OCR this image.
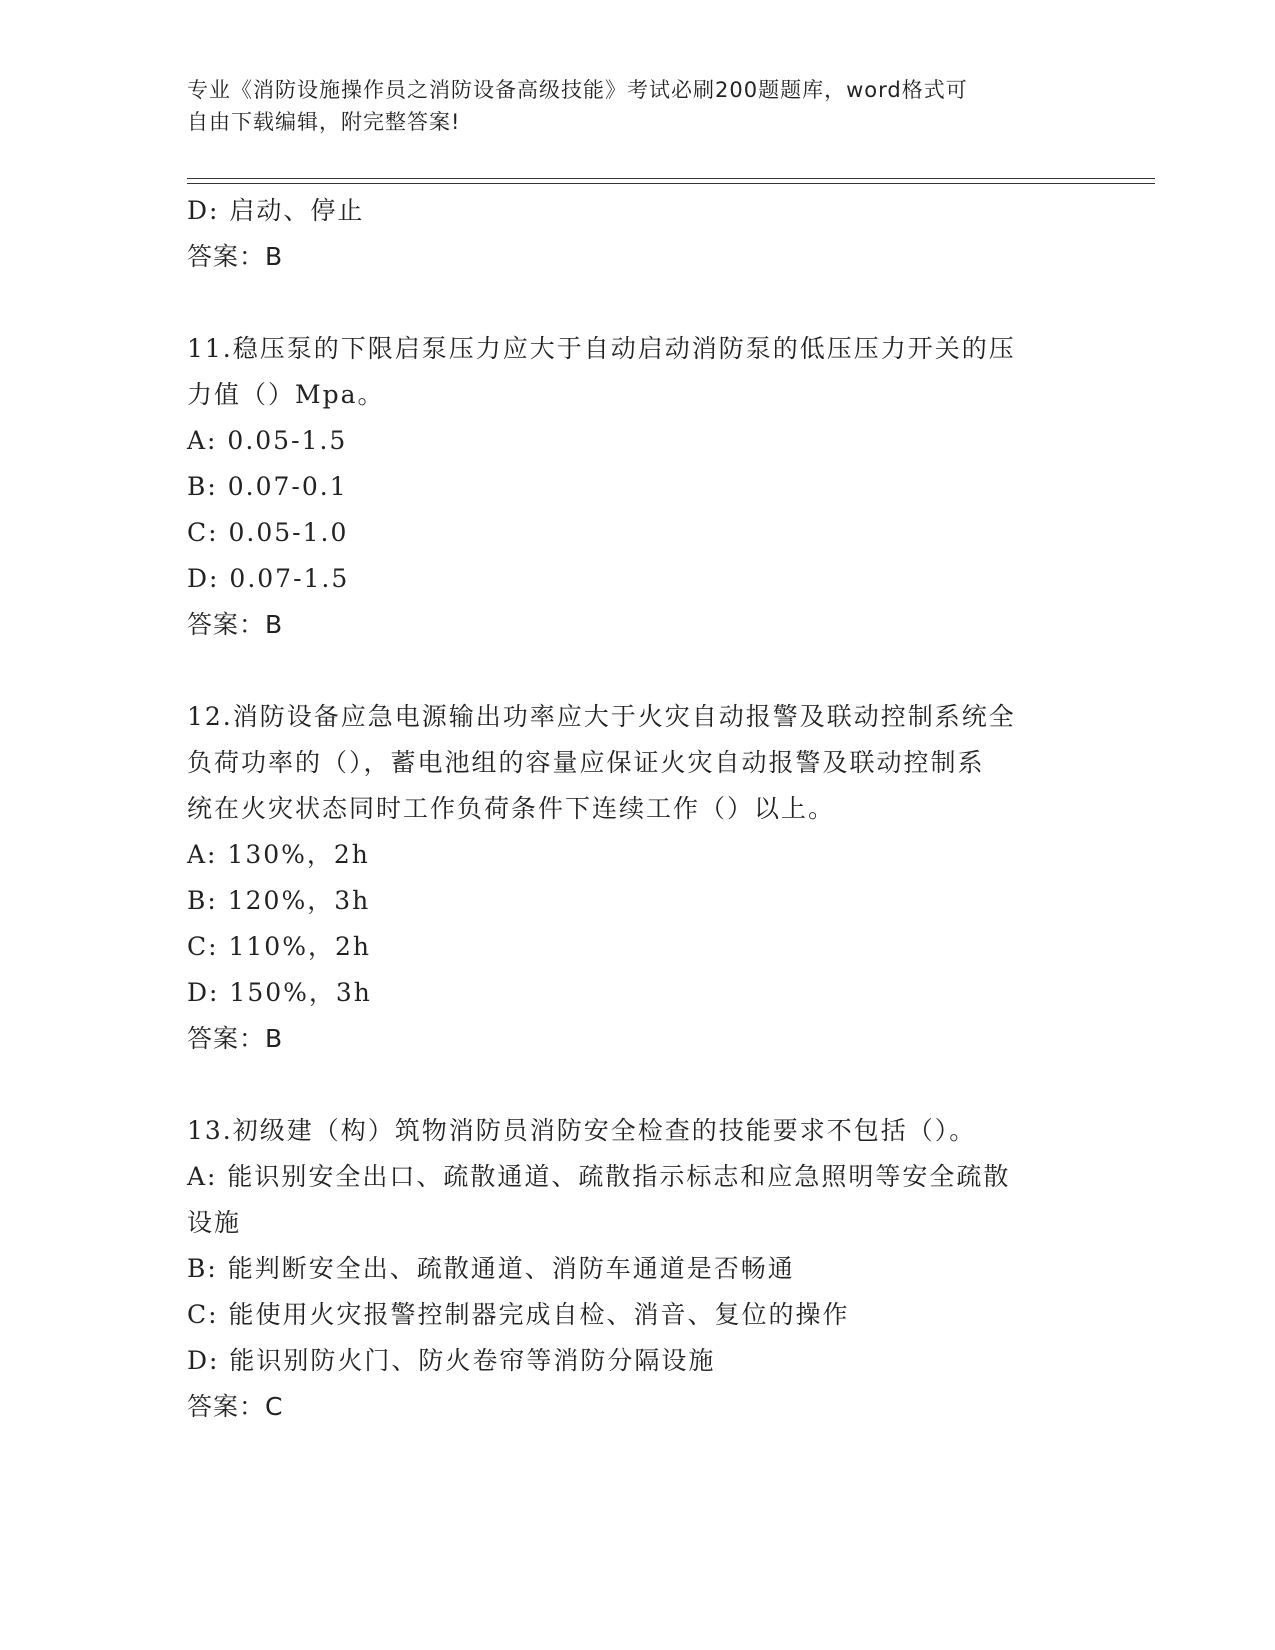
专业《消防设施操作员之消防设备高级技能》考试必刷200题题库，word格式可
自由下载编辑，附完整答案!
D: 启动、停止
答案：B
11.稳压泵的下限启泵压力应大于自动启动消防泵的低压压力开关的压
力值（）Mpa。
A: 0.05-1.5
B: 0.07-0.1
C: 0.05-1.0
D: 0.07-1.5
答案：B
12.消防设备应急电源输出功率应大于火灾自动报警及联动控制系统全
负荷功率的（），蓄电池组的容量应保证火灾自动报警及联动控制系
统在火灾状态同时工作负荷条件下连续工作（）以上。
A: 130%，2h
B: 120%，3h
C: 110%，2h
D: 150%，3h
答案：B
13.初级建（构）筑物消防员消防安全检查的技能要求不包括（）。
A: 能识别安全出口、疏散通道、疏散指示标志和应急照明等安全疏散
设施
B: 能判断安全出、疏散通道、消防车通道是否畅通
C: 能使用火灾报警控制器完成自检、消音、复位的操作
D: 能识别防火门、防火卷帘等消防分隔设施
答案：C
